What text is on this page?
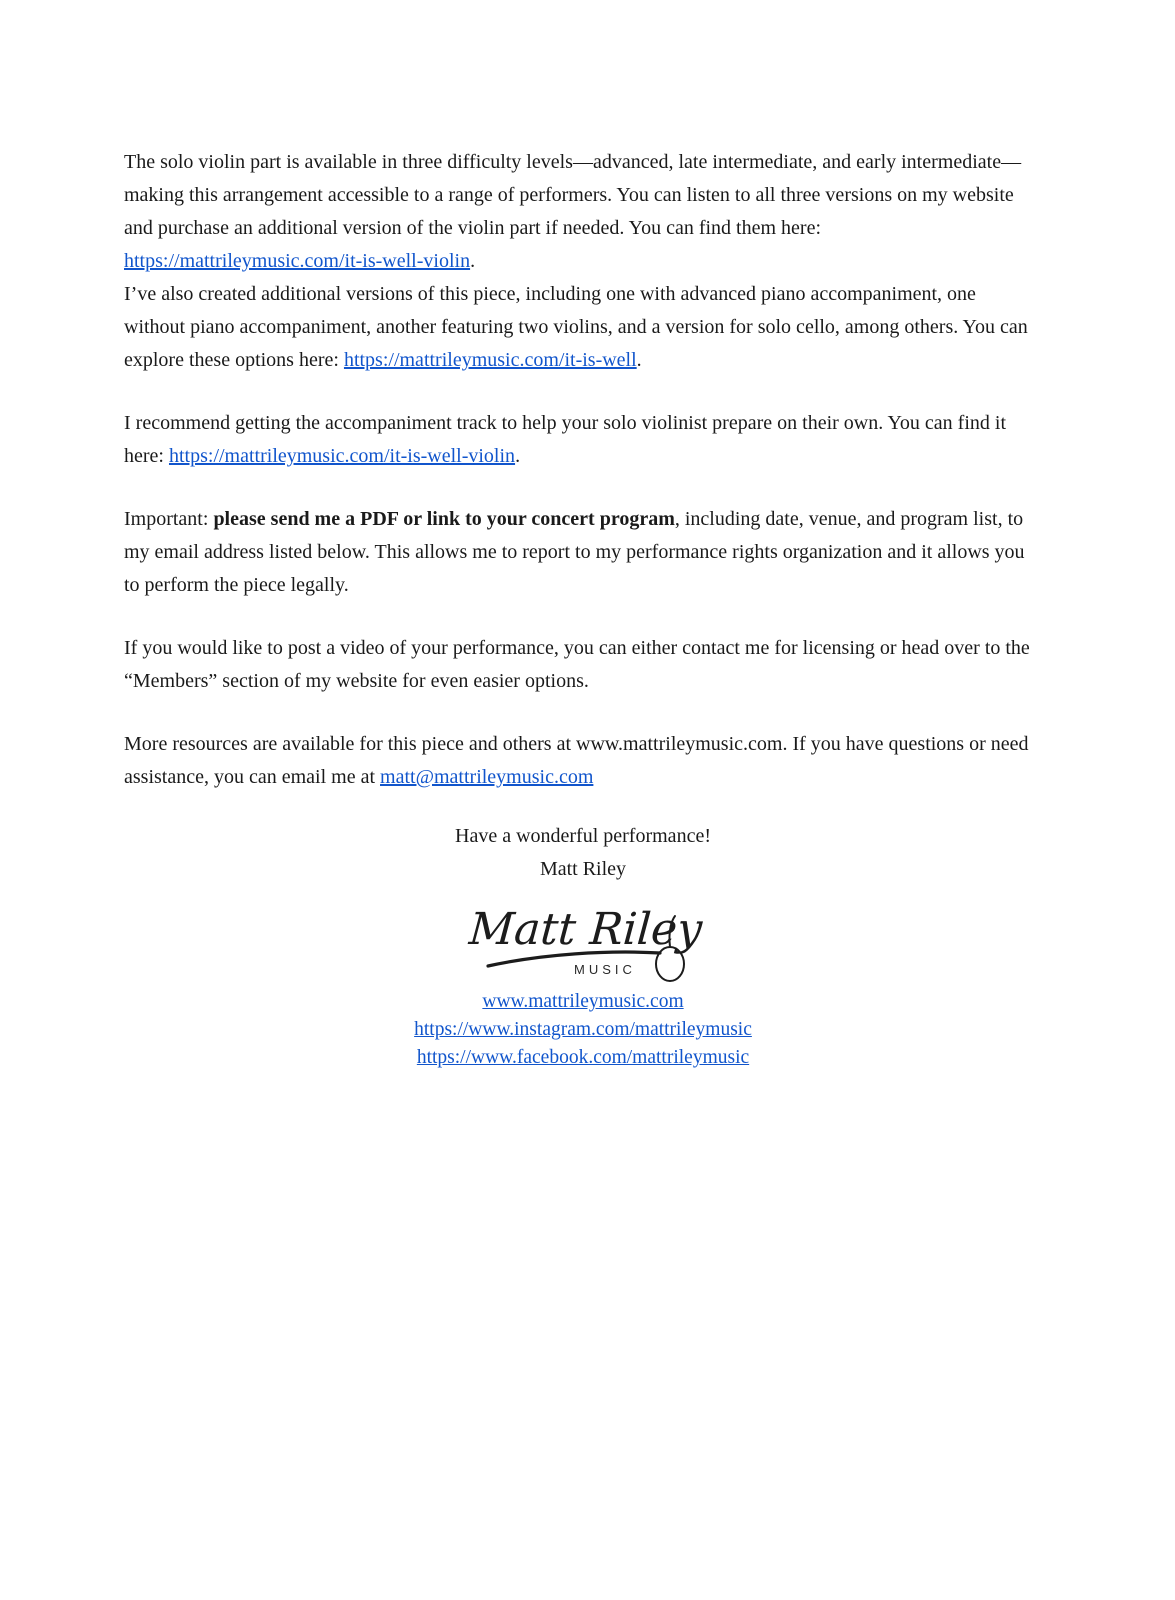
The solo violin part is available in three difficulty levels—advanced, late intermediate, and early intermediate—making this arrangement accessible to a range of performers. You can listen to all three versions on my website and purchase an additional version of the violin part if needed. You can find them here: https://mattrileymusic.com/it-is-well-violin.

I’ve also created additional versions of this piece, including one with advanced piano accompaniment, one without piano accompaniment, another featuring two violins, and a version for solo cello, among others. You can explore these options here: https://mattrileymusic.com/it-is-well.

I recommend getting the accompaniment track to help your solo violinist prepare on their own. You can find it here: https://mattrileymusic.com/it-is-well-violin.

Important: please send me a PDF or link to your concert program, including date, venue, and program list, to my email address listed below. This allows me to report to my performance rights organization and it allows you to perform the piece legally.

If you would like to post a video of your performance, you can either contact me for licensing or head over to the “Members” section of my website for even easier options.

More resources are available for this piece and others at www.mattrileymusic.com. If you have questions or need assistance, you can email me at matt@mattrileymusic.com

Have a wonderful performance!
Matt Riley
Matt Riley
MUSIC
www.mattrileymusic.com
https://www.instagram.com/mattrileymusic
https://www.facebook.com/mattrileymusic
